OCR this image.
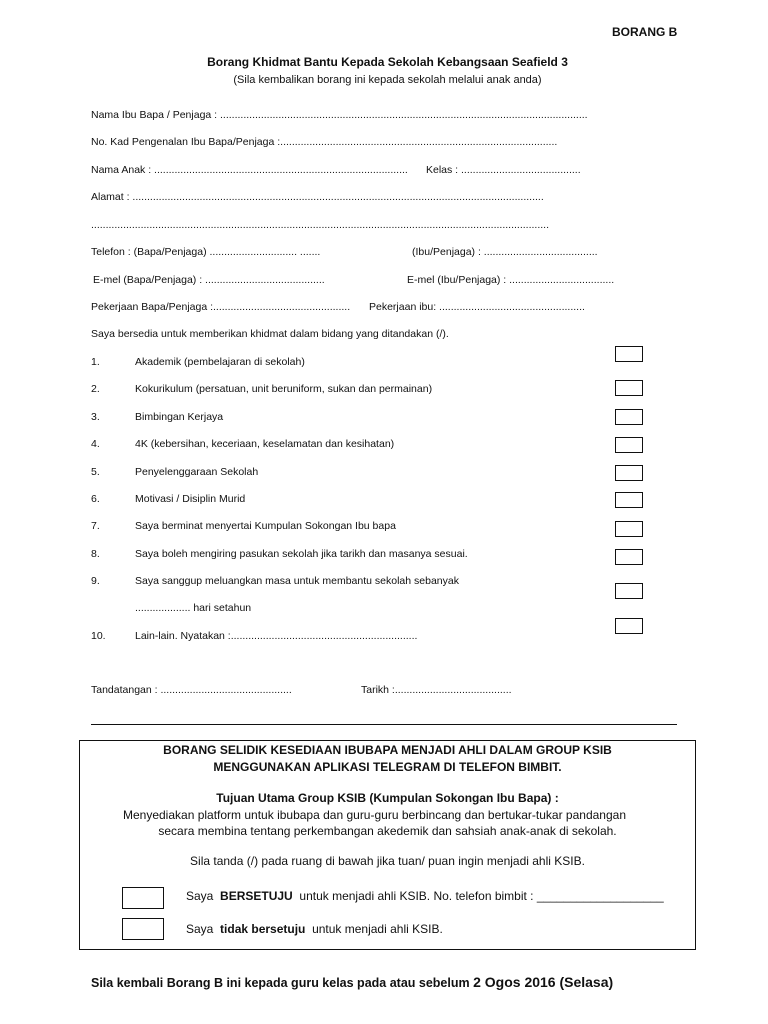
BORANG B
Borang Khidmat Bantu Kepada Sekolah Kebangsaan Seafield 3
(Sila kembalikan borang ini kepada sekolah melalui anak anda)
Nama Ibu Bapa / Penjaga : ..............................................................................................................................
No. Kad Pengenalan Ibu Bapa/Penjaga :...............................................................................................
Nama Anak : ....................................................................................... Kelas : .........................................
Alamat : .............................................................................................................................................
.............................................................................................................................................................
Telefon : (Bapa/Penjaga) .............................. .......	(Ibu/Penjaga) : .......................................
E-mel (Bapa/Penjaga) : .........................................	E-mel (Ibu/Penjaga) : ....................................
Pekerjaan Bapa/Penjaga :............................................... Pekerjaan ibu: ..................................................
Saya bersedia untuk memberikan khidmat dalam bidang yang ditandakan (/).
1.	Akademik (pembelajaran di sekolah)
2.	Kokurikulum (persatuan, unit beruniform, sukan dan permainan)
3.	Bimbingan Kerjaya
4.	4K (kebersihan, keceriaan, keselamatan dan kesihatan)
5.	Penyelenggaraan Sekolah
6.	Motivasi / Disiplin Murid
7.	Saya berminat menyertai Kumpulan Sokongan Ibu bapa
8.	Saya boleh mengiring pasukan sekolah jika tarikh dan masanya sesuai.
9.	Saya sanggup meluangkan masa untuk membantu sekolah sebanyak
................... hari setahun
10.	Lain-lain. Nyatakan :................................................................
Tandatangan : .............................................	Tarikh :........................................
BORANG SELIDIK KESEDIAAN IBUBAPA MENJADI AHLI DALAM GROUP KSIB
MENGGUNAKAN APLIKASI TELEGRAM DI TELEFON BIMBIT.
Tujuan Utama Group KSIB (Kumpulan Sokongan Ibu Bapa) :
Menyediakan platform untuk ibubapa dan guru-guru berbincang dan bertukar-tukar pandangan
secara membina tentang perkembangan akedemik dan sahsiah anak-anak di sekolah.
Sila tanda (/) pada ruang di bawah jika tuan/ puan ingin menjadi ahli KSIB.
Saya BERSETUJU untuk menjadi ahli KSIB. No. telefon bimbit : ___________________
Saya tidak bersetuju untuk menjadi ahli KSIB.
Sila kembali Borang B ini kepada guru kelas pada atau sebelum 2 Ogos 2016 (Selasa)
